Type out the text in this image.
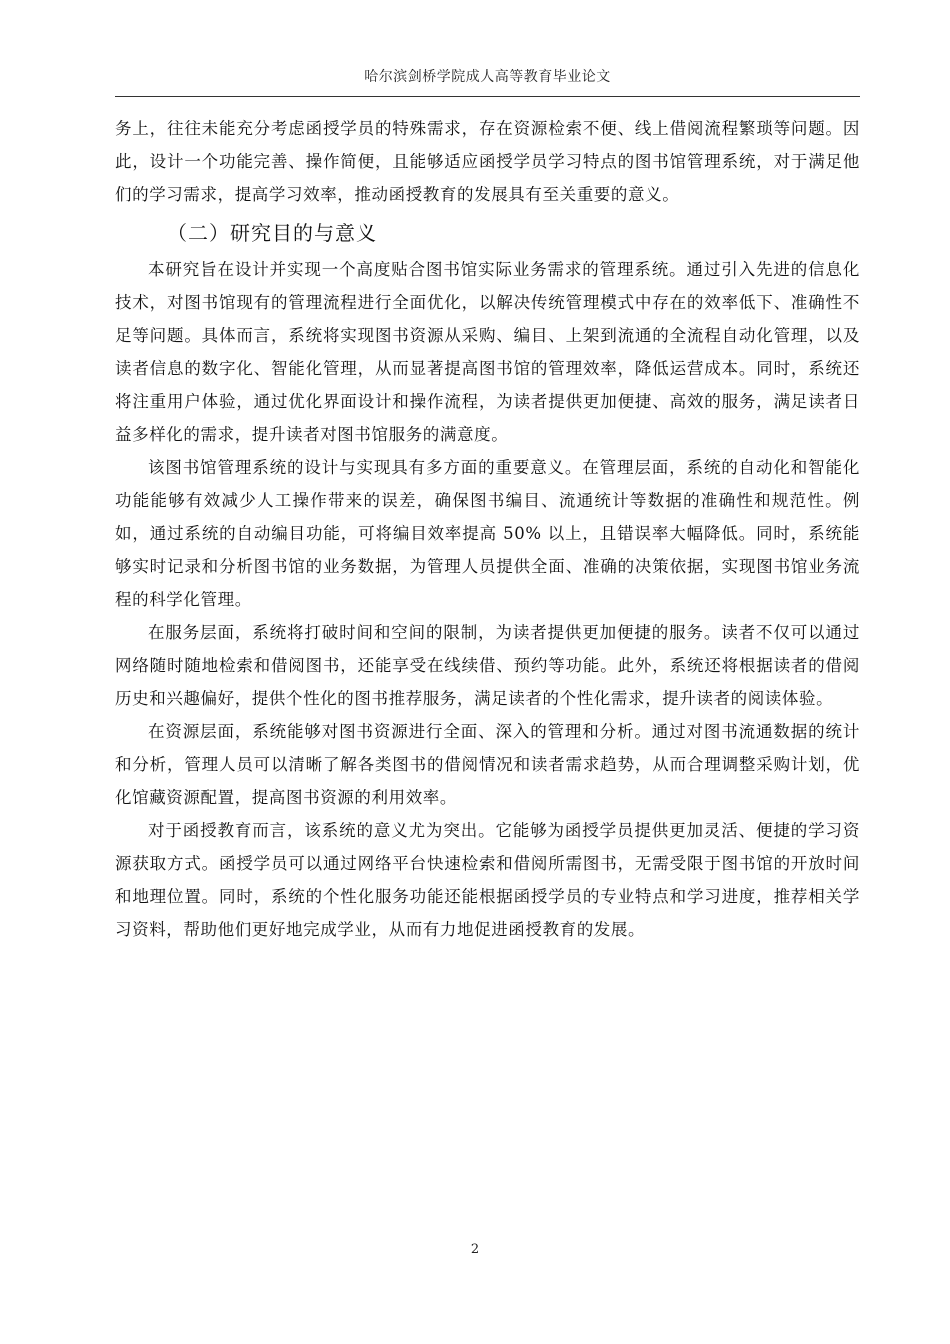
哈尔滨剑桥学院成人高等教育毕业论文

务上，往往未能充分考虑函授学员的特殊需求，存在资源检索不便、线上借阅流程繁琐等问题。因此，设计一个功能完善、操作简便，且能够适应函授学员学习特点的图书馆管理系统，对于满足他们的学习需求，提高学习效率，推动函授教育的发展具有至关重要的意义。

（二）研究目的与意义

本研究旨在设计并实现一个高度贴合图书馆实际业务需求的管理系统。通过引入先进的信息化技术，对图书馆现有的管理流程进行全面优化，以解决传统管理模式中存在的效率低下、准确性不足等问题。具体而言，系统将实现图书资源从采购、编目、上架到流通的全流程自动化管理，以及读者信息的数字化、智能化管理，从而显著提高图书馆的管理效率，降低运营成本。同时，系统还将注重用户体验，通过优化界面设计和操作流程，为读者提供更加便捷、高效的服务，满足读者日益多样化的需求，提升读者对图书馆服务的满意度。

该图书馆管理系统的设计与实现具有多方面的重要意义。在管理层面，系统的自动化和智能化功能能够有效减少人工操作带来的误差，确保图书编目、流通统计等数据的准确性和规范性。例如，通过系统的自动编目功能，可将编目效率提高 50% 以上，且错误率大幅降低。同时，系统能够实时记录和分析图书馆的业务数据，为管理人员提供全面、准确的决策依据，实现图书馆业务流程的科学化管理。

在服务层面，系统将打破时间和空间的限制，为读者提供更加便捷的服务。读者不仅可以通过网络随时随地检索和借阅图书，还能享受在线续借、预约等功能。此外，系统还将根据读者的借阅历史和兴趣偏好，提供个性化的图书推荐服务，满足读者的个性化需求，提升读者的阅读体验。

在资源层面，系统能够对图书资源进行全面、深入的管理和分析。通过对图书流通数据的统计和分析，管理人员可以清晰了解各类图书的借阅情况和读者需求趋势，从而合理调整采购计划，优化馆藏资源配置，提高图书资源的利用效率。

对于函授教育而言，该系统的意义尤为突出。它能够为函授学员提供更加灵活、便捷的学习资源获取方式。函授学员可以通过网络平台快速检索和借阅所需图书，无需受限于图书馆的开放时间和地理位置。同时，系统的个性化服务功能还能根据函授学员的专业特点和学习进度，推荐相关学习资料，帮助他们更好地完成学业，从而有力地促进函授教育的发展。

2
